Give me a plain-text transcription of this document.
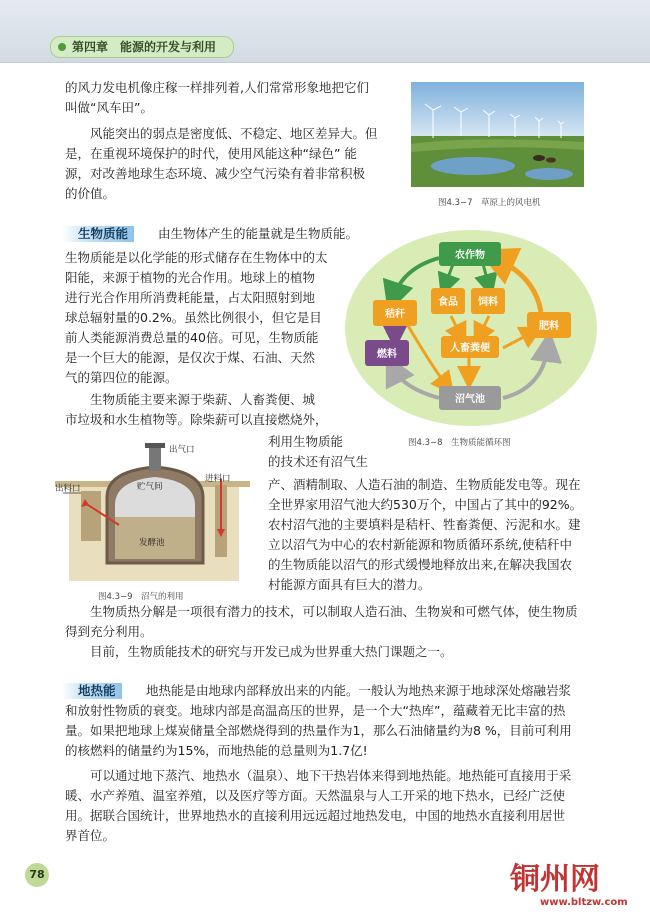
第四章　能源的开发与利用

的风力发电机像庄稼一样排列着,人们常常形象地把它们

叫做“风车田”。

　　风能突出的弱点是密度低、不稳定、地区差异大。但

是，在重视环境保护的时代，使用风能这种“绿色” 能

源，对改善地球生态环境、减少空气污染有着非常积极

的价值。

图4.3−7　草原上的风电机
生物质能	由生物体产生的能量就是生物质能。

生物质能是以化学能的形式储存在生物体中的太

阳能，来源于植物的光合作用。地球上的植物

进行光合作用所消费耗能量，占太阳照射到地

球总辐射量的0.2%。虽然比例很小，但它是目

前人类能源消费总量的40倍。可见，生物质能

是一个巨大的能源，是仅次于煤、石油、天然

气的第四位的能源。

　　生物质能主要来源于柴薪、人畜粪便、城

市垃圾和水生植物等。除柴薪可以直接燃烧外，

利用生物质能

的技术还有沼气生

产、酒精制取、人造石油的制造、生物质能发电等。现在

全世界家用沼气池大约530万个，中国占了其中的92%。

农村沼气池的主要填料是秸杆、牲畜粪便、污泥和水。建

立以沼气为中心的农村新能源和物质循环系统,使秸秆中

的生物质能以沼气的形式缓慢地释放出来,在解决我国农

村能源方面具有巨大的潜力。

　　生物质热分解是一项很有潜力的技术，可以制取人造石油、生物炭和可燃气体，使生物质

得到充分利用。

　　目前，生物质能技术的研究与开发已成为世界重大热门课题之一。

农作物
食品 饲料
秸秆
人畜粪便
肥料
燃料
沼气池
图4.3−8　生物质能循环图
出气口
贮气间
进料口
出料口
发酵池
图4.3−9　沼气的利用
地热能	地热能是由地球内部释放出来的内能。一般认为地热来源于地球深处熔融岩浆

和放射性物质的衰变。地球内部是高温高压的世界，是一个大“热库”，蕴藏着无比丰富的热

量。如果把地球上煤炭储量全部燃烧得到的热量作为1，那么石油储量约为8 %，目前可利用

的核燃料的储量约为15%，而地热能的总量则为1.7亿!

　　可以通过地下蒸汽、地热水（温泉）、地下干热岩体来得到地热能。地热能可直接用于采

暖、水产养殖、温室养殖，以及医疗等方面。天然温泉与人工开采的地下热水，已经广泛使

用。据联合国统计，世界地热水的直接利用远远超过地热发电，中国的地热水直接利用居世

界首位。

78	铜州网
www.bltzw.com
